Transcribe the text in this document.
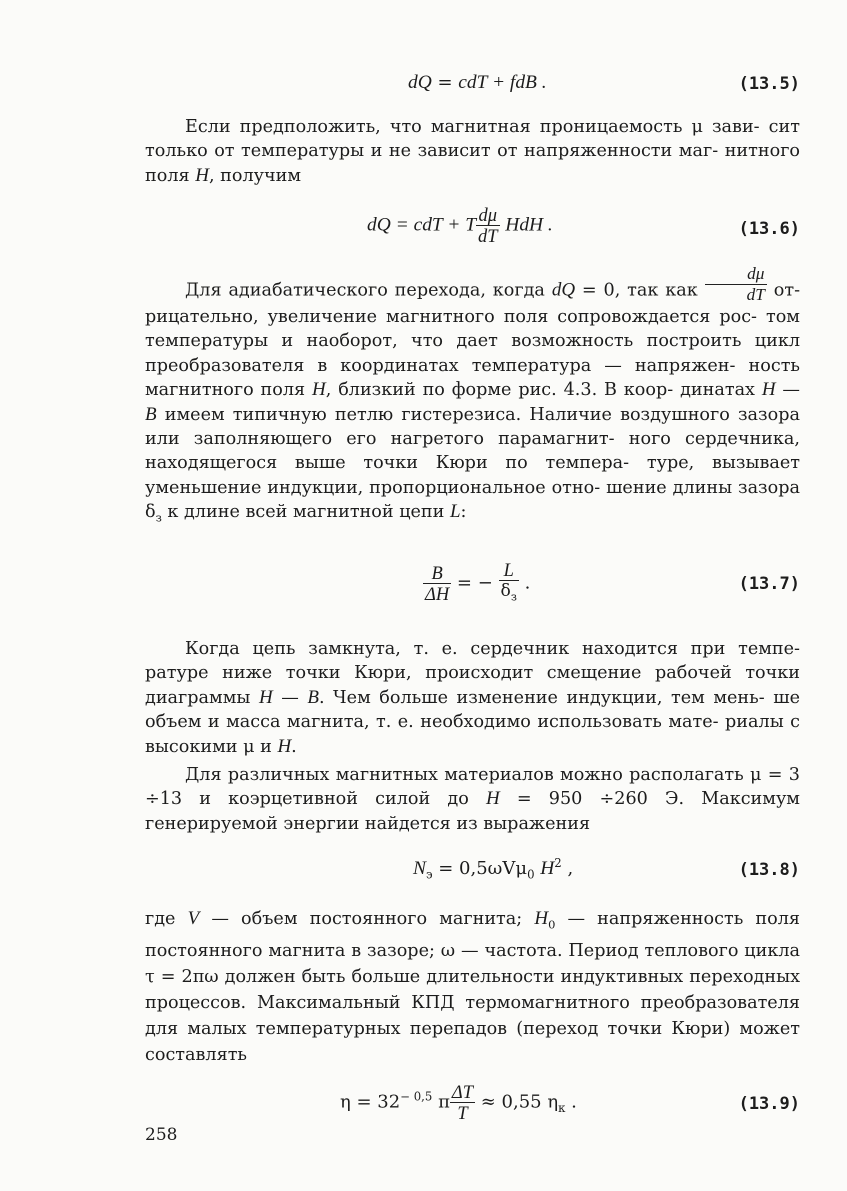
dQ = cdT + fdB .	(13.5)
Если предположить, что магнитная проницаемость μ зави- сит только от температуры и не зависит от напряженности маг- нитного поля H, получим
dQ = cdT + T $\frac{d\mu}{dT}$ HdH .	(13.6)
Для адиабатического перехода, когда dQ = 0, так как $\frac{d\mu}{dT} от-$ рицательно, увеличение магнитного поля сопровождается рос- том температуры и наоборот, что дает возможность построить цикл преобразователя в координатах температура — напряжен- ность магнитного поля H, близкий по форме рис. 4.3. В коор- динатах H — B имеем типичную петлю гистерезиса. Наличие воздушного зазора или заполняющего его нагретого парамагнит- ного сердечника, находящегося выше точки Кюри по темпера- туре, вызывает уменьшение индукции, пропорциональное отно- шение длины зазора $\delta_з$ к длине всей магнитной цепи L:
$\frac{B}{\Delta H}$ = − $\frac{L}{\delta_з}$ .	(13.7)
Когда цепь замкнута, т. е. сердечник находится при темпе- ратуре ниже точки Кюри, происходит смещение рабочей точки диаграммы H — B. Чем больше изменение индукции, тем мень- ше объем и масса магнита, т. е. необходимо использовать мате- риалы с высокими μ и H.
Для различных магнитных материалов можно располагать μ = 3 ÷13 и коэрцетивной силой до H = 950 ÷260 Э. Максимум генерируемой энергии найдется из выражения
$N_э = 0,5\omega V\mu_0$ $H^2$ ,	(13.8)
где V — объем постоянного магнита; $H_0$ — напряженность поля постоянного магнита в зазоре; ω — частота. Период теплового цикла τ = 2πω должен быть больше длительности индуктивных переходных процессов. Максимальный КПД термомагнитного преобразователя для малых температурных перепадов (переход точки Кюри) может составлять
$\eta = 32^{- 0,5}$ π $\frac{\Delta T}{T} \approx 0,55$ $\eta_к$ .	(13.9)
258
